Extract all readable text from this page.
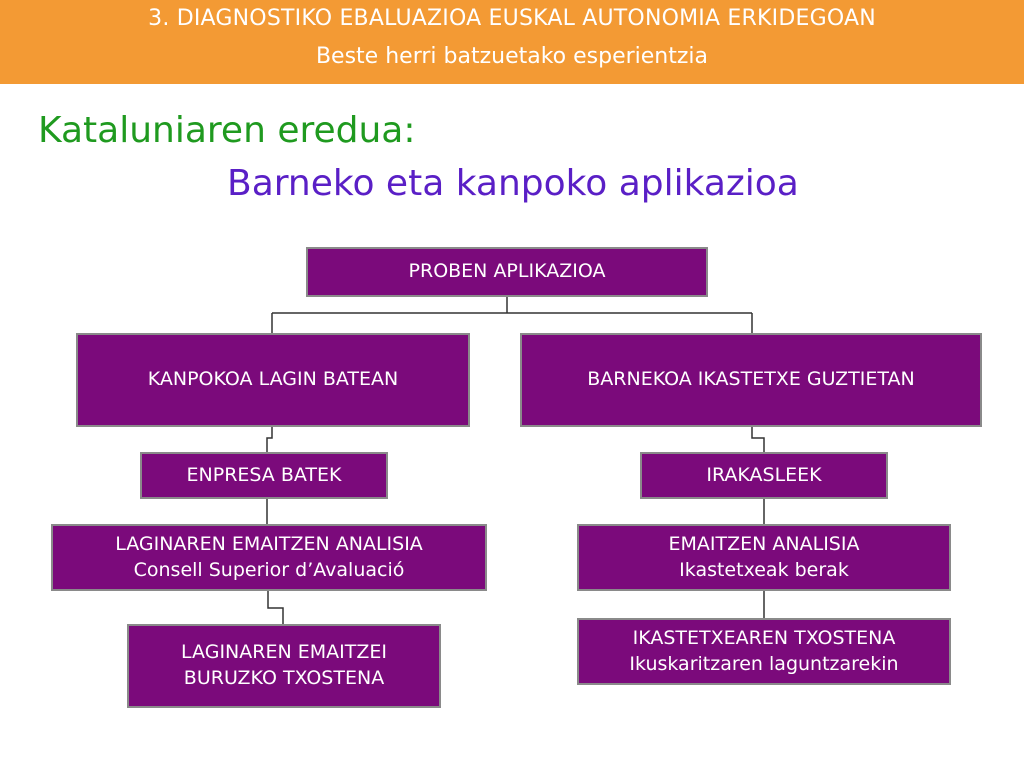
3. DIAGNOSTIKO EBALUAZIOA EUSKAL AUTONOMIA ERKIDEGOAN
Beste herri batzuetako esperientzia
Kataluniaren eredua:
Barneko eta kanpoko aplikazioa
PROBEN APLIKAZIOA
KANPOKOA LAGIN BATEAN	BARNEKOA IKASTETXE GUZTIETAN
ENPRESA BATEK	IRAKASLEEK
LAGINAREN EMAITZEN ANALISIA
Consell Superior d’Avaluació
EMAITZEN ANALISIA
Ikastetxeak berak
LAGINAREN EMAITZEI
BURUZKO TXOSTENA
IKASTETXEAREN TXOSTENA
Ikuskaritzaren laguntzarekin
